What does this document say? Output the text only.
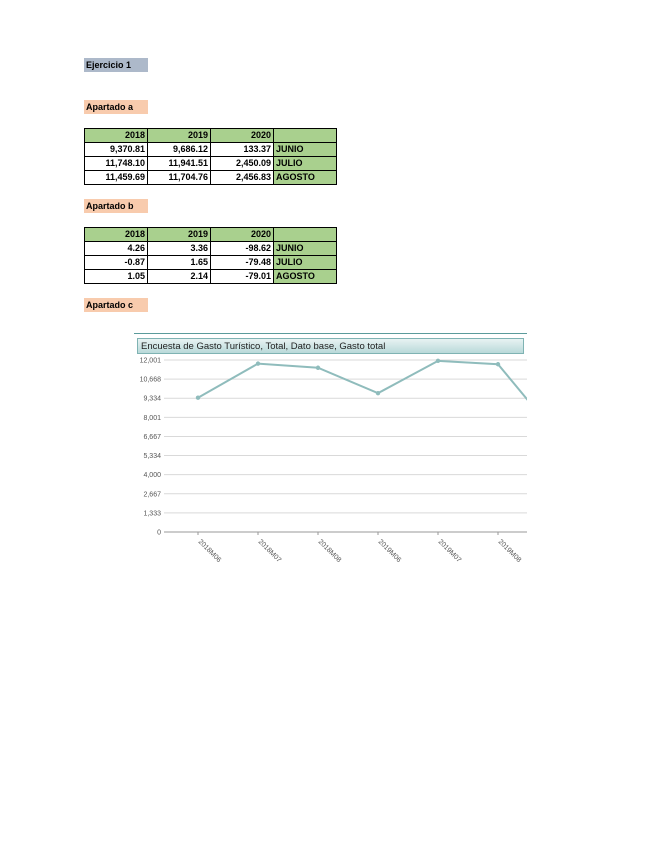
Ejercicio 1
Apartado a
2018	2019	2020	
9,370.81	9,686.12	133.37	JUNIO
11,748.10	11,941.51	2,450.09	JULIO
11,459.69	11,704.76	2,456.83	AGOSTO
Apartado b
2018	2019	2020	
4.26	3.36	-98.62	JUNIO
-0.87	1.65	-79.48	JULIO
1.05	2.14	-79.01	AGOSTO
Apartado c
Encuesta de Gasto Turístico, Total, Dato base, Gasto total
0
1,333
2,667
4,000
5,334
6,667
8,001
9,334
10,668
12,001
2018M06	2018M07	2018M08	2019M06	2019M07	2019M08
